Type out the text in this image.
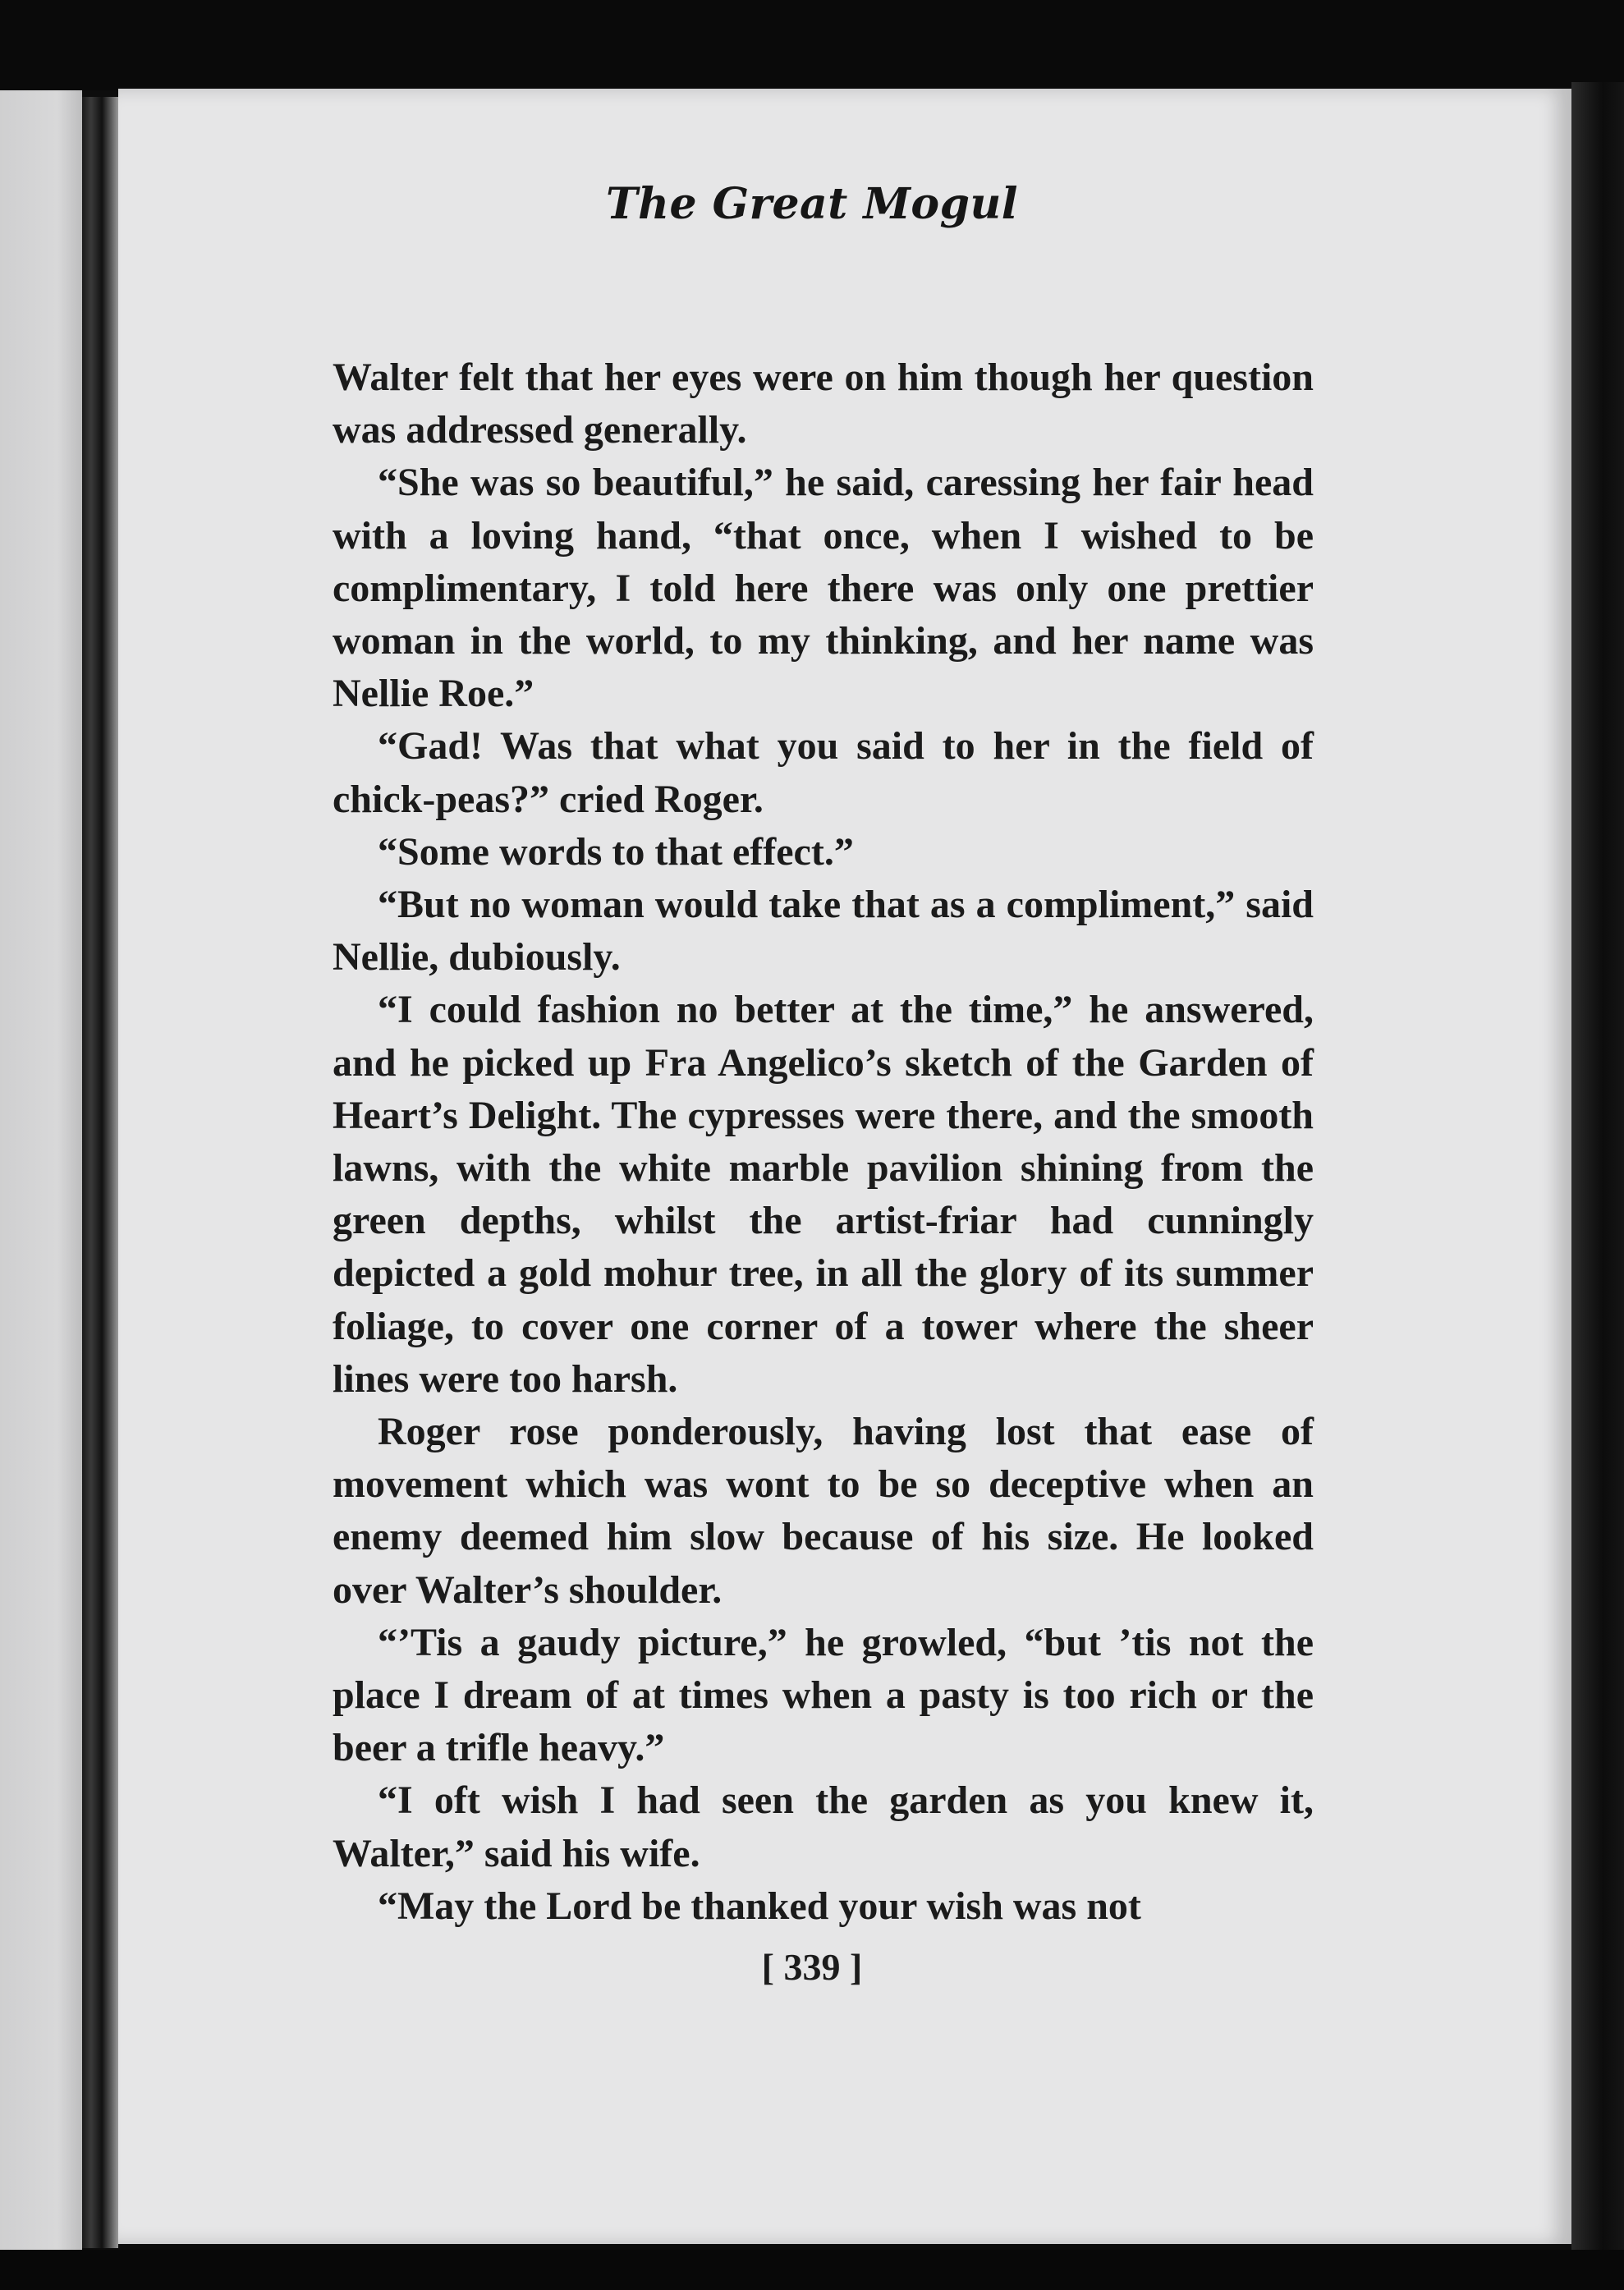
The Great Mogul

Walter felt that her eyes were on him though her question was addressed generally.

“She was so beautiful,” he said, caressing her fair head with a loving hand, “that once, when I wished to be complimentary, I told here there was only one prettier woman in the world, to my thinking, and her name was Nellie Roe.”

“Gad! Was that what you said to her in the field of chick-peas?” cried Roger.

“Some words to that effect.”

“But no woman would take that as a compliment,” said Nellie, dubiously.

“I could fashion no better at the time,” he answered, and he picked up Fra Angelico’s sketch of the Garden of Heart’s Delight. The cypresses were there, and the smooth lawns, with the white marble pavilion shining from the green depths, whilst the artist-friar had cunningly depicted a gold mohur tree, in all the glory of its summer foliage, to cover one corner of a tower where the sheer lines were too harsh.

Roger rose ponderously, having lost that ease of movement which was wont to be so deceptive when an enemy deemed him slow because of his size. He looked over Walter’s shoulder.

“’Tis a gaudy picture,” he growled, “but ’tis not the place I dream of at times when a pasty is too rich or the beer a trifle heavy.”

“I oft wish I had seen the garden as you knew it, Walter,” said his wife.

“May the Lord be thanked your wish was not

[ 339 ]
